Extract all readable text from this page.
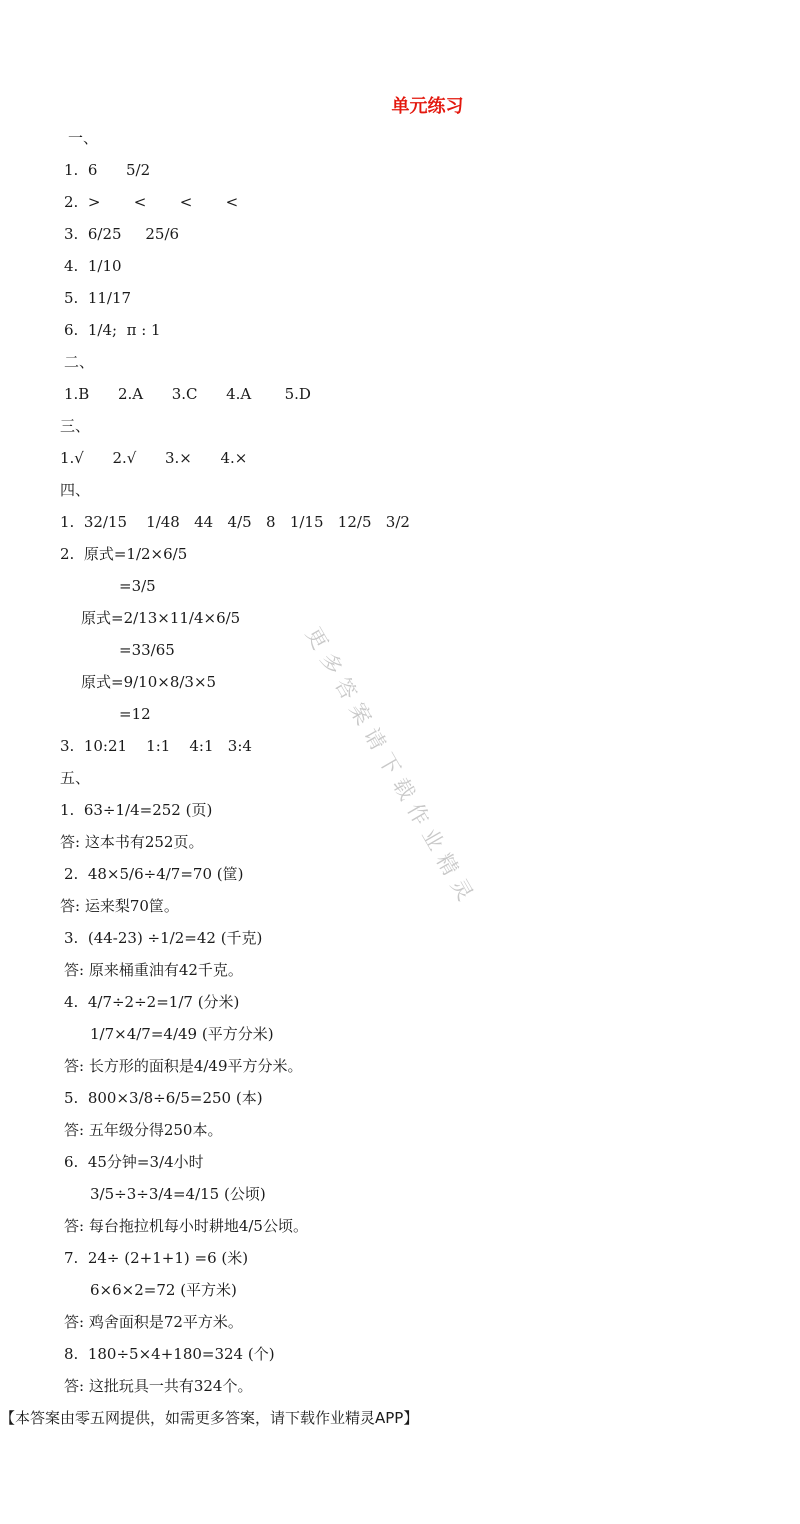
单元练习
一、
1.  6      5/2
2.  >       <       <       <
3.  6/25     25/6
4.  1/10
5.  11/17
6.  1/4;  π : 1
二、
1.B      2.A      3.C      4.A       5.D
三、
1.√      2.√      3.×      4.×
四、
1.  32/15    1/48   44   4/5   8   1/15   12/5   3/2
2.  原式=1/2×6/5
=3/5
原式=2/13×11/4×6/5
=33/65
原式=9/10×8/3×5
=12
3.  10:21    1:1    4:1   3:4
五、
1.  63÷1/4=252 (页)
答: 这本书有252页。
2.  48×5/6÷4/7=70 (筐)
答: 运来梨70筐。
3.  (44-23) ÷1/2=42 (千克)
答: 原来桶重油有42千克。
4.  4/7÷2÷2=1/7 (分米)
1/7×4/7=4/49 (平方分米)
答: 长方形的面积是4/49平方分米。
5.  800×3/8÷6/5=250 (本)
答: 五年级分得250本。
6.  45分钟=3/4小时
3/5÷3÷3/4=4/15 (公顷)
答: 每台拖拉机每小时耕地4/5公顷。
7.  24÷ (2+1+1) =6 (米)
6×6×2=72 (平方米)
答: 鸡舍面积是72平方米。
8.  180÷5×4+180=324 (个)
答: 这批玩具一共有324个。
【本答案由零五网提供，如需更多答案，请下载作业精灵APP】
更多答案请下载作业精灵
